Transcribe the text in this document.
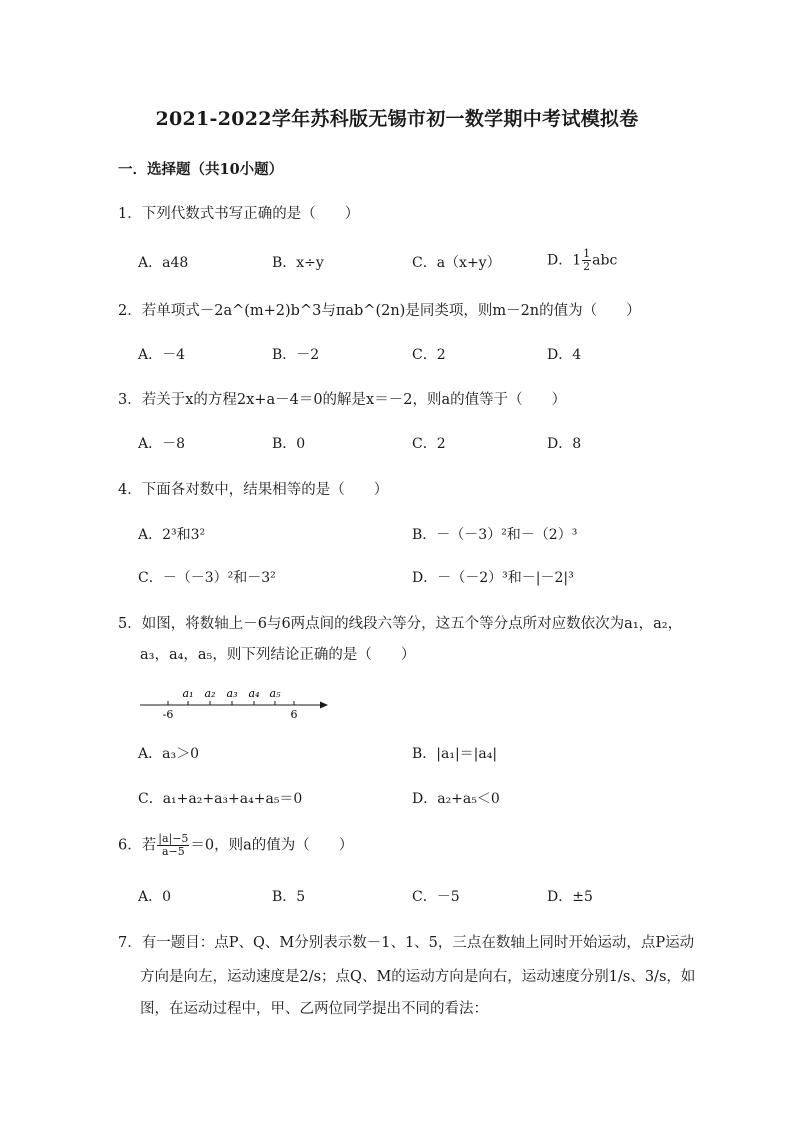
2021-2022学年苏科版无锡市初一数学期中考试模拟卷
一．选择题（共10小题）
1．下列代数式书写正确的是（　　）
A．a48	B．x÷y	C．a（x+y）	D．$1 \frac{1}{2}$ abc
2．若单项式－2a^(m+2)b^3与πab^(2n)是同类项，则m－2n的值为（　　）
A．－4	B．－2	C．2	D．4
3．若关于x的方程2x+a－4＝0的解是x＝－2，则a的值等于（　　）
A．－8	B．0	C．2	D．8
4．下面各对数中，结果相等的是（　　）
A．2³和3²	B．－（－3）²和－（2）³
C．－（－3）²和－3²	D．－（－2）³和－|－2|³
5．如图，将数轴上－6与6两点间的线段六等分，这五个等分点所对应数依次为a₁，a₂，
a₃，a₄，a₅，则下列结论正确的是（　　）
a₁ a₂ a₃ a₄ a₅
-6	6
A．a₃＞0	B．|a₁|＝|a₄|
C．a₁+a₂+a₃+a₄+a₅＝0	D．a₂+a₅＜0
6．若 $\frac{|a|-5}{a-5} =0$，则a的值为（　　）
A．0	B．5	C．－5	D．±5
7．有一题目：点P、Q、M分别表示数－1、1、5，三点在数轴上同时开始运动，点P运动
方向是向左，运动速度是2/s；点Q、M的运动方向是向右，运动速度分别1/s、3/s，如
图，在运动过程中，甲、乙两位同学提出不同的看法：
